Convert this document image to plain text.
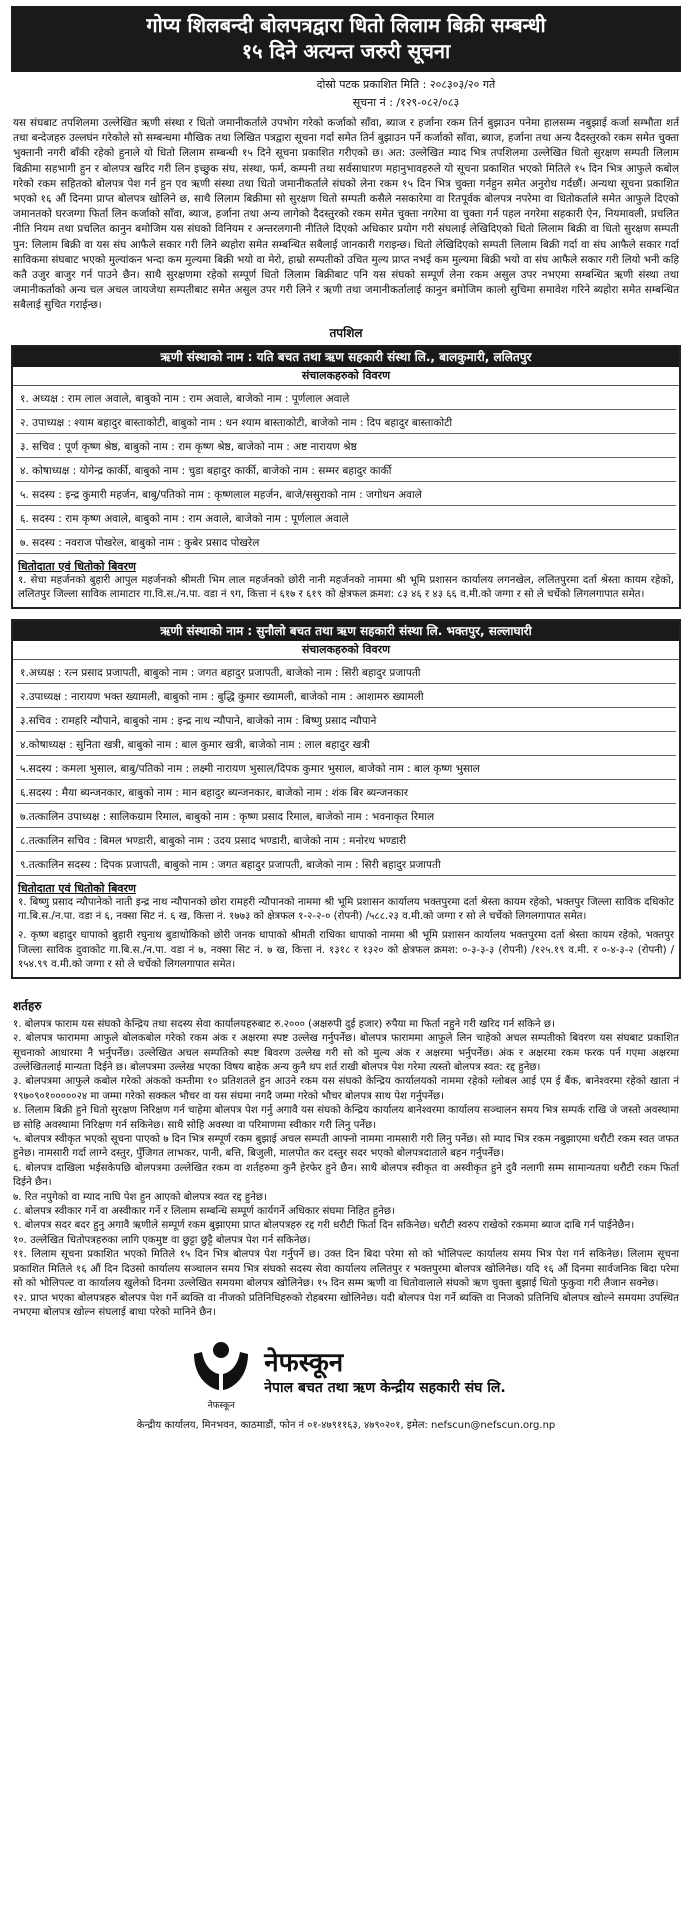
गोप्य शिलबन्दी बोलपत्रद्वारा धितो लिलाम बिक्री सम्बन्धी
१५ दिने अत्यन्त जरुरी सूचना
दोस्रो पटक प्रकाशित मिति : २०८३०३/२० गते
सूचना नं : /१२९-०८२/०८३
यस संघबाट तपशिलमा उल्लेखित ऋणी संस्था र धितो जमानीकर्ताले उपभोग गरेको कर्जाको साँवा, ब्याज र हर्जाना रकम तिर्न बुझाउन पनेमा हालसम्म नबुझाई कर्जा सम्भौता शर्त तथा बन्देजहरु उल्लघंन गरेकोले सो सम्बन्धमा मौखिक तथा लिखित पत्रद्वारा सूचना गर्दा समेत तिर्न बुझाउन पर्ने कर्जाको साँवा, ब्याज, हर्जाना तथा अन्य दैदस्तुरको रकम समेत चुक्ता भुक्तानी नगरी बाँकी रहेको हुनाले यो धितो लिलाम सम्बन्धी १५ दिने सूचना प्रकाशित गरीएको छ। अत: उल्लेखित म्याद भित्र तपशिलमा उल्लेखित धितो सुरक्षण सम्पती लिलाम बिक्रीमा सहभागी हुन र बोलपत्र खरिद गरी लिन इच्छुक संघ, संस्था, फर्म, कम्पनी तथा सर्वसाधारण महानुभावहरुले यो सूचना प्रकाशित भएको मितिले १५ दिन भित्र आफुले कबोल गरेको रकम सहितको बोलपत्र पेश गर्न हुन एव ऋणी संस्था तथा धितो जमानीकर्ताले संघको लेना रकम १५ दिन भित्र चुक्ता गर्नहुन समेत अनुरोध गर्दछौं। अन्यथा सूचना प्रकाशित भएको १६ औं दिनमा प्राप्त बोलपत्र खोलिने छ, साथै लिलाम बिक्रीमा सो सुरक्षण धितो सम्पती कसैले नसकारेमा वा रितपूर्वक बोलपत्र नपरेमा वा धितोकर्ताले समेत आफुले दिएको जमानतको घरजग्गा फिर्ता लिन कर्जाको साँवा, ब्याज, हर्जाना तथा अन्य लागेको दैदस्तुरको रकम समेत चुक्ता नगरेमा वा चुक्ता गर्न पहल नगरेमा सहकारी ऐन, नियमावली, प्रचलित नीति नियम तथा प्रचलित कानुन बमोजिम यस संघको विनियम र अन्तरलगानी नीतिले दिएको अधिकार प्रयोग गरी संघलाई लेखिदिएको धितो लिलाम बिक्री वा धितो सुरक्षण सम्पती पुन: लिलाम बिक्री वा यस संघ आफैले सकार गरी लिने ब्यहोरा समेत सम्बन्धित सबैलाई जानकारी गराइन्छ। धितो लेखिदिएको सम्पती लिलाम बिक्री गर्दा वा संघ आफैले सकार गर्दा साविकमा संघबाट भएको मुल्यांकन भन्दा कम मुल्यमा बिक्री भयो वा मेरो, हाम्रो सम्पतीको उचित मुल्य प्राप्त नभई कम मुल्यमा बिक्री भयो वा संघ आफैले सकार गरी लियो भनी कहि कतै उजुर बाजुर गर्न पाउने छैन। साथै सुरक्षणमा रहेको सम्पूर्ण धितो लिलाम बिक्रीबाट पनि यस संघको सम्पूर्ण लेना रकम असुल उपर नभएमा सम्बन्धित ऋणी संस्था तथा जमानीकर्ताको अन्य चल अचल जायजेथा सम्पतीबाट समेत असुल उपर गरी लिने र ऋणी तथा जमानीकर्तालाई कानुन बमोजिम कालो सुचिमा समावेश गरिने ब्यहोरा समेत सम्बन्धित सबैलाई सुचित गराईन्छ।
तपशिल
ऋणी संस्थाको नाम : यति बचत तथा ऋण सहकारी संस्था लि., बालकुमारी, ललितपुर
संचालकहरुको विवरण
१. अध्यक्ष : राम लाल अवाले, बाबुको नाम : राम अवाले, बाजेको नाम : पूर्णलाल अवाले
२. उपाध्यक्ष : श्याम बहादुर बास्ताकोटी, बाबुको नाम : धन श्याम बास्ताकोटी, बाजेको नाम : दिप बहादुर बास्ताकोटी
३. सचिव : पूर्ण कृष्ण श्रेष्ठ, बाबुको नाम : राम कृष्ण श्रेष्ठ, बाजेको नाम : अष्ट नारायण श्रेष्ठ
४. कोषाध्यक्ष : योगेन्द्र कार्की, बाबुको नाम : चुडा बहादुर कार्की, बाजेको नाम : सम्मर बहादुर कार्की
५. सदस्य : इन्द्र कुमारी महर्जन, बाबु/पतिको नाम : कृष्णलाल महर्जन, बाजे/ससुराको नाम : जगोधन अवाले
६. सदस्य : राम कृष्ण अवाले, बाबुको नाम : राम अवाले, बाजेको नाम : पूर्णलाल अवाले
७. सदस्य : नवराज पोखरेल, बाबुको नाम : कुबेर प्रसाद पोखरेल
धितोदाता एवं धितोको बिवरण
१. सेचा महर्जनको बुहारी आपुल महर्जनको श्रीमती भिम लाल महर्जनको छोरी नानी महर्जनको नाममा श्री भूमि प्रशासन कार्यालय लगनखेल, ललितपुरमा दर्ता श्रेस्ता कायम रहेको, ललितपुर जिल्ला साविक लामाटार गा.वि.स./न.पा. वडा नं ९ग, कित्ता नं ६१७ र ६१९ को क्षेत्रफल क्रमश: ८३ ४६ र ४३ ६६ व.मी.को जग्गा र सो ले चर्चेको लिगलगापात समेत।
ऋणी संस्थाको नाम : सुनौलो बचत तथा ऋण सहकारी संस्था लि. भक्तपुर, सल्लाघारी
संचालकहरुको विवरण
१.अध्यक्ष : रत्न प्रसाद प्रजापती, बाबुको नाम : जगत बहादुर प्रजापती, बाजेको नाम : सिरी बहादुर प्रजापती
२.उपाध्यक्ष : नारायण भक्त ख्यामली, बाबुको नाम : बुद्धि कुमार ख्यामली, बाजेको नाम : आशामरु ख्यामली
३.सचिव : रामहरि न्यौपाने, बाबुको नाम : इन्द्र नाथ न्यौपाने, बाजेको नाम : बिष्णु प्रसाद न्यौपाने
४.कोषाध्यक्ष : सुनिता खत्री, बाबुको नाम : बाल कुमार खत्री, बाजेको नाम : लाल बहादुर खत्री
५.सदस्य : कमला भुसाल, बाबु/पतिको नाम : लक्ष्मी नारायण भुसाल/दिपक कुमार भुसाल, बाजेको नाम : बाल कृष्ण भुसाल
६.सदस्य : मैया ब्यन्जनकार, बाबुको नाम : मान बहादुर ब्यन्जनकार, बाजेको नाम : शंक बिर ब्यन्जनकार
७.तत्कालिन उपाध्यक्ष : सालिकग्राम रिमाल, बाबुको नाम : कृष्ण प्रसाद रिमाल, बाजेको नाम : भवनाकृत रिमाल
८.तत्कालिन सचिव : बिमल भण्डारी, बाबुको नाम : उदय प्रसाद भण्डारी, बाजेको नाम : मनोरथ भण्डारी
९.तत्कालिन सदस्य : दिपक प्रजापती, बाबुको नाम : जगत बहादुर प्रजापती, बाजेको नाम : सिरी बहादुर प्रजापती
धितोदाता एवं धितोको बिवरण
१. बिष्णु प्रसाद न्यौपानेको नाती इन्द्र नाथ न्यौपानको छोरा रामहरी न्यौपानको नाममा श्री भूमि प्रशासन कार्यालय भक्तपुरमा दर्ता श्रेस्ता कायम रहेको, भक्तपुर जिल्ला साविक दधिकोट गा.बि.स./न.पा. वडा नं ६, नक्सा सिट नं. ६ ख, कित्ता नं. १७७३ को क्षेत्रफल १-२-२-० (रोपनी) /५८८.२३ व.मी.को जग्गा र सो ले चर्चेको लिगलगापात समेत।
२. कृष्ण बहादुर धापाको बुहारी रघुनाथ बुडाथोकिको छोरी जनक धापाको श्रीमती राधिका धापाको नाममा श्री भूमि प्रशासन कार्यालय भक्तपुरमा दर्ता श्रेस्ता कायम रहेको, भक्तपुर जिल्ला साविक दुवाकोट गा.बि.स./न.पा. वडा नं ७, नक्सा सिट नं. ७ ख, कित्ता नं. १३१८ र १३२० को क्षेत्रफल क्रमश: ०-३-३-३ (रोपनी) /१२५.१९ व.मी. र ०-४-३-२ (रोपनी) /१५४.९९ व.मी.को जग्गा र सो ले चर्चेको लिगलगापात समेत।
शर्तहरु
१. बोलपत्र फाराम यस संघको केन्द्रिय तथा सदस्य सेवा कार्यालयहरुबाट रु.२००० (अक्षरुपी दुई हजार) रुपैया मा फिर्ता नहुने गरी खरिद गर्न सकिने छ।
२. बोलपत्र फाराममा आफुले बोलकबोल गरेको रकम अंक र अक्षरमा स्पष्ट उल्लेख गर्नुपर्नेछ। बोलपत्र फाराममा आफुले लिन चाहेको अचल सम्पतीको बिवरण यस संघबाट प्रकाशित सूचनाको आधारमा नै भर्नुपर्नेछ। उल्लेखित अचल सम्पतिको स्पष्ट बिवरण उल्लेख गरी सो को मुल्य अंक र अक्षरमा भर्नुपर्नेछ। अंक र अक्षरमा रकम फरक पर्न गएमा अक्षरमा उल्लेखितलाई मान्यता दिईने छ। बोलपत्रमा उल्लेख भएका विषय बाहेक अन्य कुनै थप शर्त राखी बोलपत्र पेश गरेमा त्यस्तो बोलपत्र स्वत: रद्द हुनेछ।
३. बोलपत्रमा आफुले कबोल गरेको अंकको कम्तीमा १० प्रतिशतले हुन आउने रकम यस संघको केन्द्रिय कार्यालयको नाममा रहेको ग्लोबल आई एम ई बैंक, बानेश्वरमा रहेको खाता नं १९७०९०१०००००२४ मा जम्मा गरेको सक्कल भौचर वा यस संघमा नगदै जम्मा गरेको भौचर बोलपत्र साथ पेश गर्नुपर्नेछ।
४. लिलाम बिक्री हुने धितो सुरक्षण निरिक्षण गर्न चाहेमा बोलपत्र पेश गर्नु अगावै यस संघको केन्द्रिय कार्यालय बानेश्वरमा कार्यालय सञ्चालन समय भित्र सम्पर्क राखि जे जस्तो अवस्थामा छ सोहि अवस्थामा निरिक्षण गर्न सकिनेछ। साथै सोहि अवस्था वा परिमाणमा स्वीकार गरी लिनु पर्नेछ।
५. बोलपत्र स्वीकृत भएको सूचना पाएको ७ दिन भित्र सम्पूर्ण रकम बुझाई अचल सम्पती आफ्नो नाममा नामसारी गरी लिनु पर्नेछ। सो म्याद भित्र रकम नबुझाएमा धरौटी रकम स्वत जफत हुनेछ। नामसारी गर्दा लाग्ने दस्तुर, पुँजिगत लाभकर, पानी, बत्ति, बिजुली, मालपोत कर दस्तुर सदर भएको बोलपत्रदाताले बहन गर्नुपर्नेछ।
६. बोलपत्र दाखिला भईसकेपछि बोलपत्रमा उल्लेखित रकम वा शर्तहरुमा कुनै हेरफेर हुने छैन। साथै बोलपत्र स्वीकृत वा अस्वीकृत हुने दुवै नलागी सम्म सामान्यतया धरौटी रकम फिर्ता दिईने छैन।
७. रित नपुगेको वा म्याद नाघि पेश हुन आएको बोलपत्र स्वत रद्द हुनेछ।
८. बोलपत्र स्वीकार गर्ने वा अस्वीकार गर्ने र लिलाम सम्बन्धि सम्पूर्ण कार्यगर्ने अधिकार संघमा निहित हुनेछ।
९. बोलपत्र सदर बदर हुनु अगावै ऋणीले सम्पूर्ण रकम बुझाएमा प्राप्त बोलपत्रहरु रद्द गरी धरौटी फिर्ता दिन सकिनेछ। धरौटी स्वरुप राखेको रकममा ब्याज दाबि गर्न पाईनेछैन।
१०. उल्लेखित धितोपत्रहरुका लागि एकमुष्ट वा छुट्टा छुट्टै बोलपत्र पेश गर्न सकिनेछ।
११. लिलाम सूचना प्रकाशित भएको मितिले १५ दिन भित्र बोलपत्र पेश गर्नुपर्ने छ। उक्त दिन बिदा परेमा सो को भोलिपल्ट कार्यालय समय भित्र पेश गर्न सकिनेछ। लिलाम सूचना प्रकाशित मितिले १६ औं दिन दिउसो कार्यालय सञ्चालन समय भित्र संघको सदस्य सेवा कार्यालय ललितपुर र भक्तपुरमा बोलपत्र खोलिनेछ। यदि १६ औं दिनमा सार्वजनिक बिदा परेमा सो को भोलिपल्ट वा कार्यालय खुलेको दिनमा उल्लेखित समयमा बोलपत्र खोलिनेछ। १५ दिन सम्म ऋणी वा धितोवालाले संघको ऋण चुक्ता बुझाई धितो फुकुवा गरी लैजान सक्नेछ।
१२. प्राप्त भएका बोलपत्रहरु बोलपत्र पेश गर्ने ब्यक्ति वा नीजको प्रतिनिधिहरुको रोहबरमा खोलिनेछ। यदी बोलपत्र पेश गर्ने ब्यक्ति वा निजको प्रतिनिधि बोलपत्र खोल्ने समयमा उपस्थित नभएमा बोलपत्र खोल्न संघलाई बाधा परेको मानिने छैन।
नेफस्कून
नेफस्कून
नेपाल बचत तथा ऋण केन्द्रीय सहकारी संघ लि.
केन्द्रीय कार्यालय, मिनभवन, काठमाडौं, फोन नं ०१-४७९११६३, ४७९०२०१, इमेल: nefscun@nefscun.org.np
